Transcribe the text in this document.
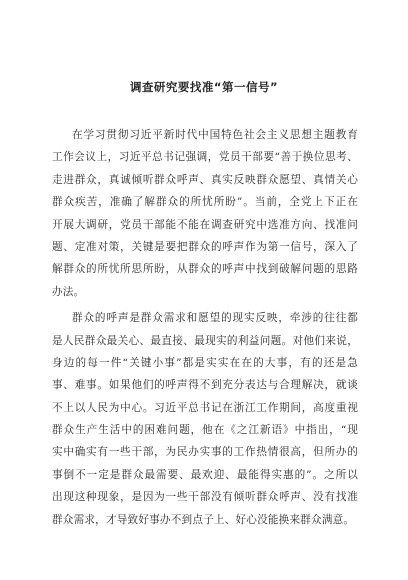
调查研究要找准“第一信号”
在学习贯彻习近平新时代中国特色社会主义思想主题教育
工作会议上，习近平总书记强调，党员干部要“善于换位思考、
走进群众，真诚倾听群众呼声、真实反映群众愿望、真情关心
群众疾苦，准确了解群众的所忧所盼”。当前，全党上下正在
开展大调研，党员干部能不能在调查研究中选准方向、找准问
题、定准对策，关键是要把群众的呼声作为第一信号，深入了
解群众的所忧所思所盼，从群众的呼声中找到破解问题的思路
办法。
群众的呼声是群众需求和愿望的现实反映，牵涉的往往都
是人民群众最关心、最直接、最现实的利益问题。对他们来说，
身边的每一件“关键小事”都是实实在在的大事，有的还是急
事、难事。如果他们的呼声得不到充分表达与合理解决，就谈
不上以人民为中心。习近平总书记在浙江工作期间，高度重视
群众生产生活中的困难问题，他在《之江新语》中指出，“现
实中确实有一些干部，为民办实事的工作热情很高，但所办的
事倒不一定是群众最需要、最欢迎、最能得实惠的”。之所以
出现这种现象，是因为一些干部没有倾听群众呼声、没有找准
群众需求，才导致好事办不到点子上、好心没能换来群众满意。
